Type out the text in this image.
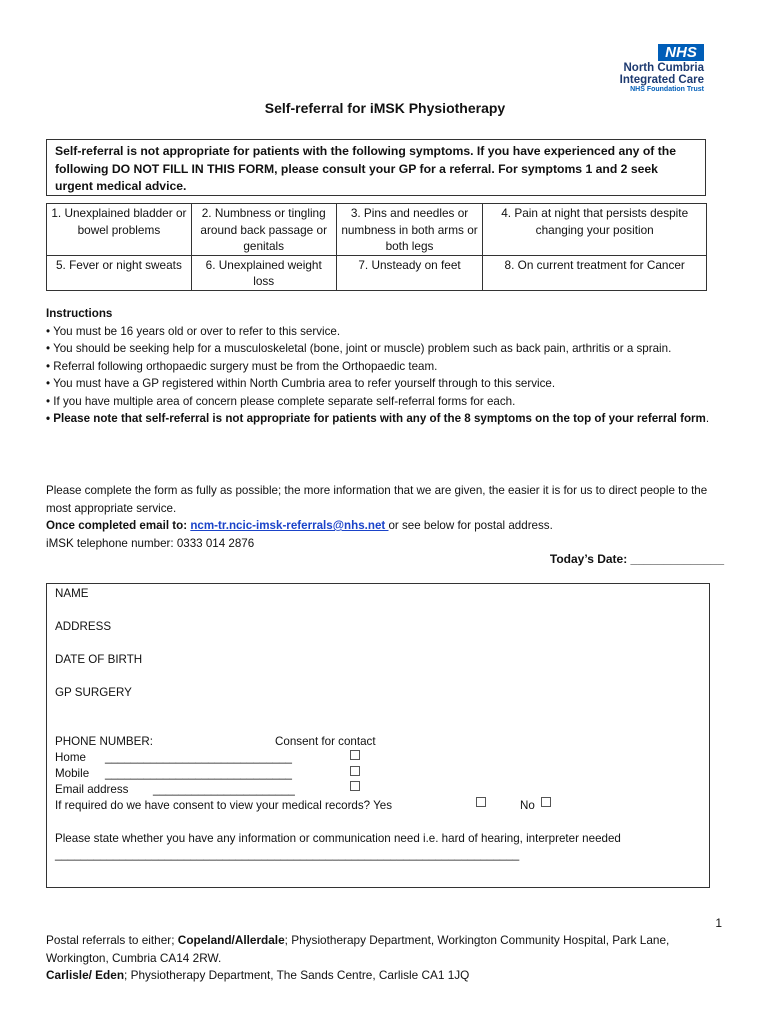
NHS
North Cumbria
Integrated Care
NHS Foundation Trust
Self-referral for iMSK Physiotherapy
Self-referral is not appropriate for patients with the following symptoms. If you have experienced any of the following DO NOT FILL IN THIS FORM, please consult your GP for a referral. For symptoms 1 and 2 seek urgent medical advice.
1. Unexplained bladder or bowel problems	2. Numbness or tingling around back passage or genitals	3. Pins and needles or numbness in both arms or both legs	4. Pain at night that persists despite changing your position
5. Fever or night sweats	6. Unexplained weight loss	7. Unsteady on feet	8. On current treatment for Cancer
Instructions
• You must be 16 years old or over to refer to this service.
• You should be seeking help for a musculoskeletal (bone, joint or muscle) problem such as back pain, arthritis or a sprain.
• Referral following orthopaedic surgery must be from the Orthopaedic team.
• You must have a GP registered within North Cumbria area to refer yourself through to this service.
• If you have multiple area of concern please complete separate self-referral forms for each.
• Please note that self-referral is not appropriate for patients with any of the 8 symptoms on the top of your referral form.
Please complete the form as fully as possible; the more information that we are given, the easier it is for us to direct people to the most appropriate service.
Once completed email to: ncm-tr.ncic-imsk-referrals@nhs.net or see below for postal address.
iMSK telephone number: 0333 014 2876
Today’s Date: ______________
NAME
ADDRESS
DATE OF BIRTH
GP SURGERY
PHONE NUMBER:	Consent for contact
Home _____________________________
Mobile _____________________________
Email address ______________________
If required do we have consent to view your medical records? Yes	No
Please state whether you have any information or communication need i.e. hard of hearing, interpreter needed
________________________________________________________________________
1
Postal referrals to either; Copeland/Allerdale; Physiotherapy Department, Workington Community Hospital, Park Lane, Workington, Cumbria CA14 2RW.
Carlisle/ Eden; Physiotherapy Department, The Sands Centre, Carlisle CA1 1JQ
